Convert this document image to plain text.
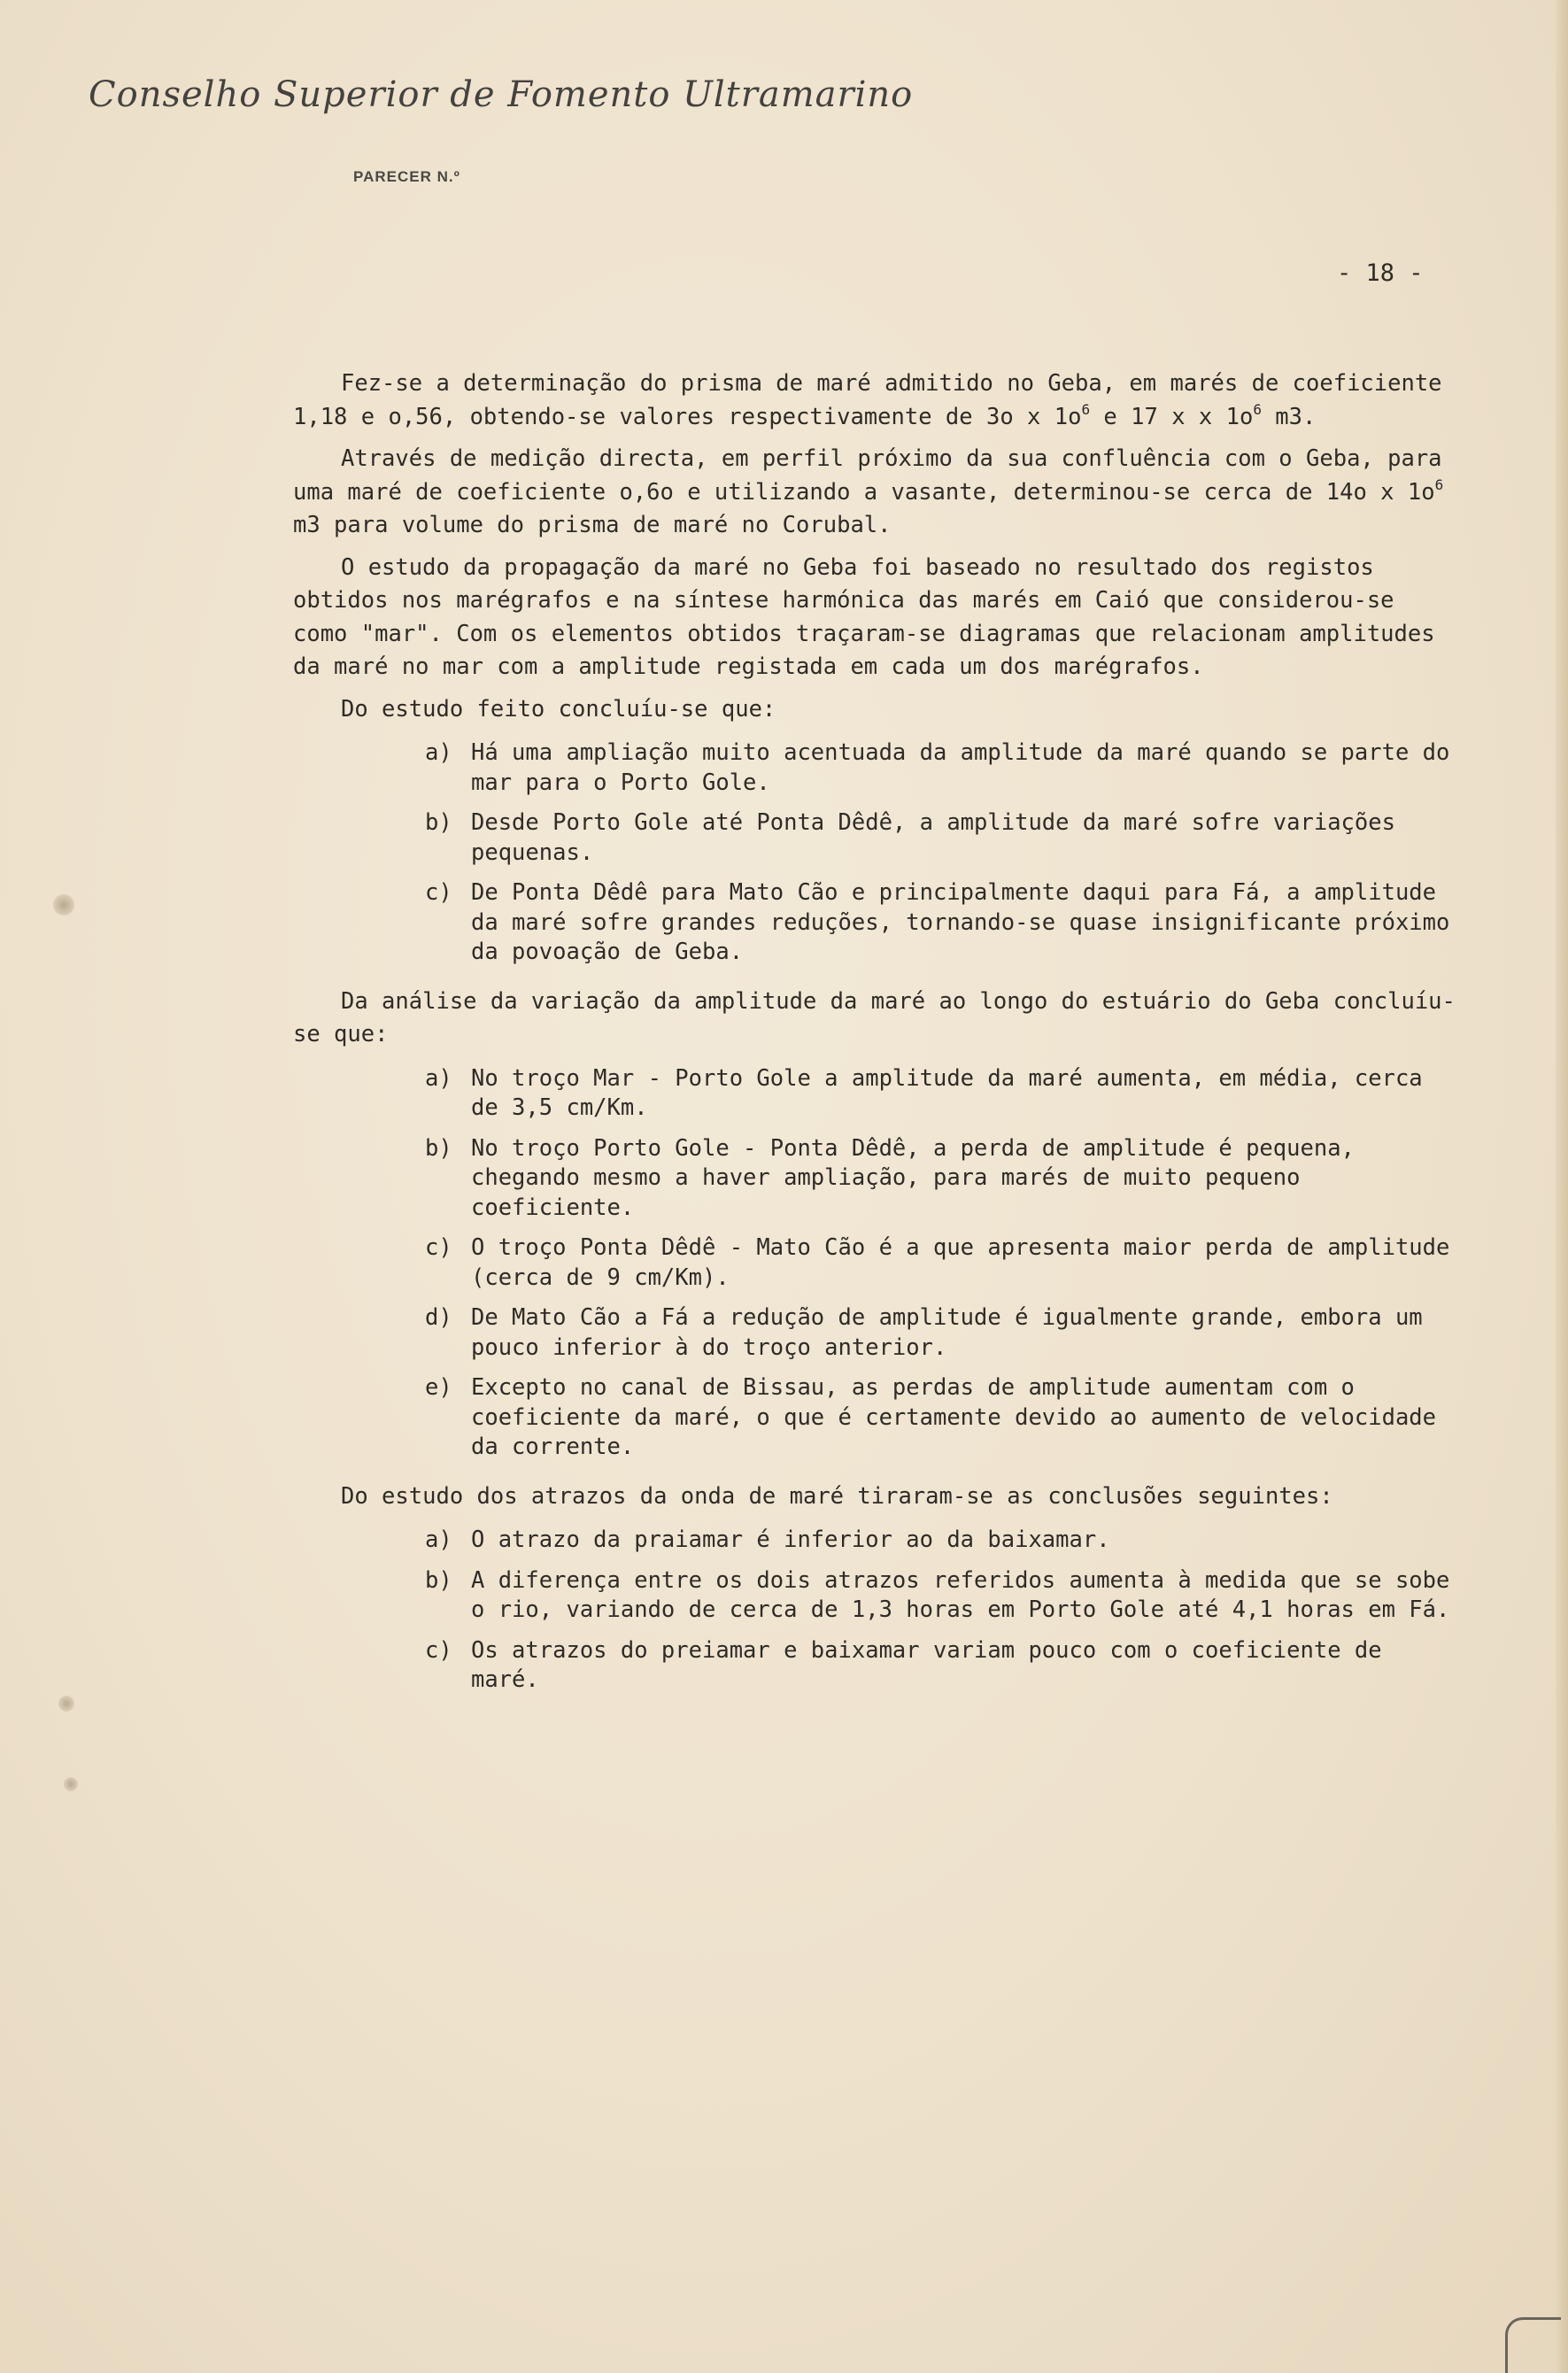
Conselho Superior de Fomento Ultramarino
PARECER N.º
- 18 -

Fez-se a determinação do prisma de maré admitido no Geba, em marés de coeficiente 1,18 e o,56, obtendo-se valores respectivamente de 3o x $1o^6$ e 17 x x $1o^6$ m3.

Através de medição directa, em perfil próximo da sua confluência com o Geba, para uma maré de coeficiente o,6o e utilizando a vasante, determinou-se cerca de 14o x $1o^6$ m3 para volume do prisma de maré no Corubal.

O estudo da propagação da maré no Geba foi baseado no resultado dos registos obtidos nos marégrafos e na síntese harmónica das marés em Caió que considerou-se como "mar". Com os elementos obtidos traçaram-se diagramas que relacionam amplitudes da maré no mar com a amplitude registada em cada um dos marégrafos.

Do estudo feito concluíu-se que:

a) Há uma ampliação muito acentuada da amplitude da maré quando se parte do mar para o Porto Gole.
b) Desde Porto Gole até Ponta Dêdê, a amplitude da maré sofre variações pequenas.
c) De Ponta Dêdê para Mato Cão e principalmente daqui para Fá, a amplitude da maré sofre grandes reduções, tornando-se quase insignificante próximo da povoação de Geba.

Da análise da variação da amplitude da maré ao longo do estuário do Geba concluíu-se que:

a) No troço Mar - Porto Gole a amplitude da maré aumenta, em média, cerca de 3,5 cm/Km.
b) No troço Porto Gole - Ponta Dêdê, a perda de amplitude é pequena, chegando mesmo a haver ampliação, para marés de muito pequeno coeficiente.
c) O troço Ponta Dêdê - Mato Cão é a que apresenta maior perda de amplitude (cerca de 9 cm/Km).
d) De Mato Cão a Fá a redução de amplitude é igualmente grande, embora um pouco inferior à do troço anterior.
e) Excepto no canal de Bissau, as perdas de amplitude aumentam com o coeficiente da maré, o que é certamente devido ao aumento de velocidade da corrente.

Do estudo dos atrazos da onda de maré tiraram-se as conclusões seguintes:

a) O atrazo da praiamar é inferior ao da baixamar.
b) A diferença entre os dois atrazos referidos aumenta à medida que se sobe o rio, variando de cerca de 1,3 horas em Porto Gole até 4,1 horas em Fá.
c) Os atrazos do preiamar e baixamar variam pouco com o coeficiente de maré.
